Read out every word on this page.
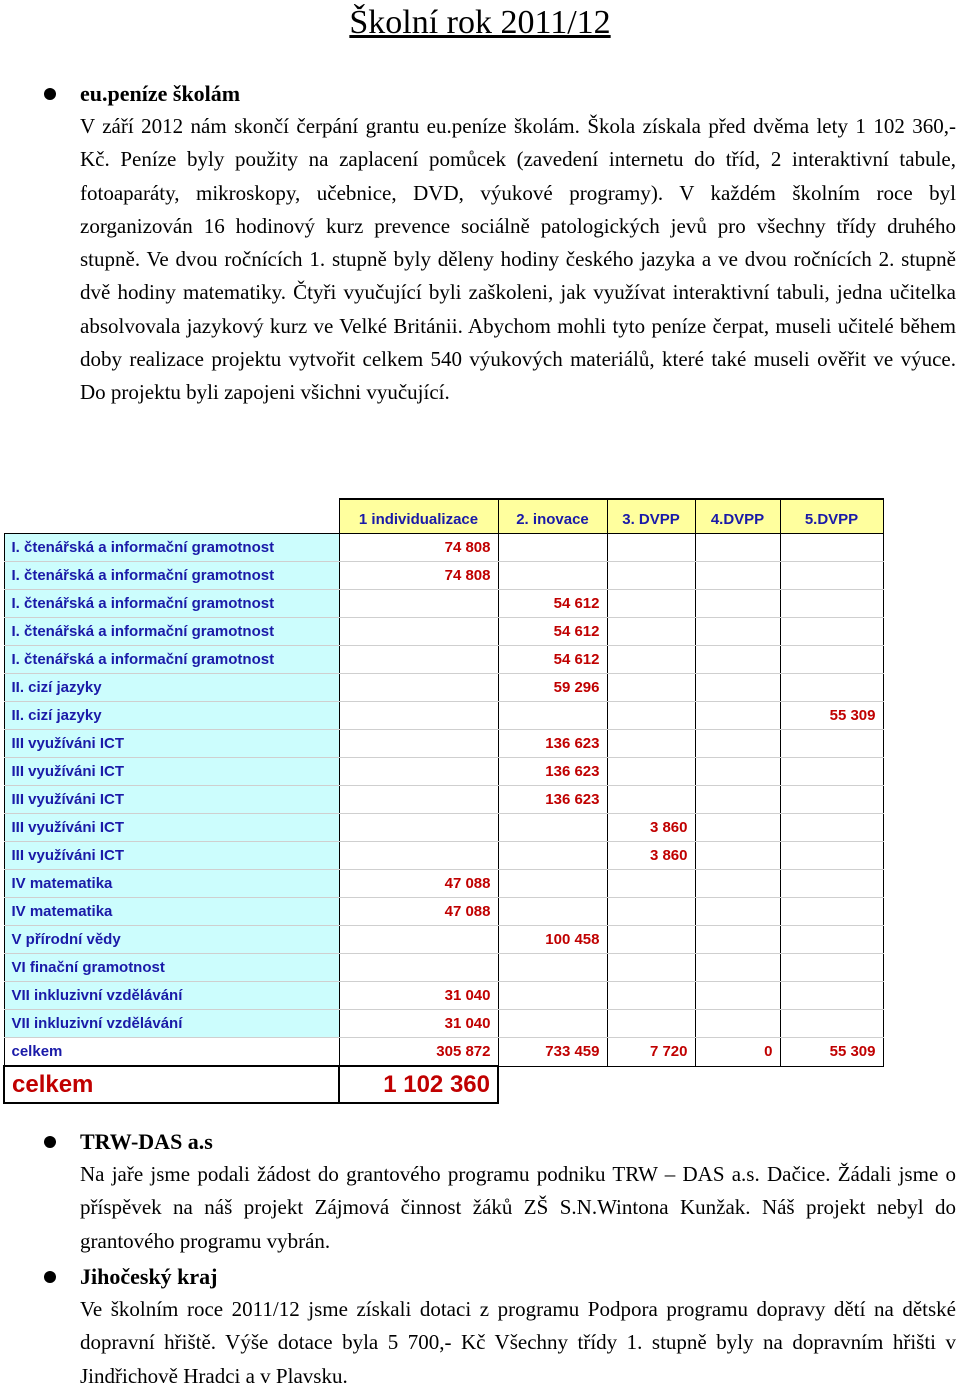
Školní rok 2011/12
eu.peníze školám
V září 2012 nám skončí čerpání grantu eu.peníze školám. Škola získala před dvěma lety 1 102 360,- Kč. Peníze byly použity na zaplacení pomůcek (zavedení internetu do tříd, 2 interaktivní tabule, fotoaparáty, mikroskopy, učebnice, DVD, výukové programy). V každém školním roce byl zorganizován 16 hodinový kurz prevence sociálně patologických jevů pro všechny třídy druhého stupně. Ve dvou ročnících 1. stupně byly děleny hodiny českého jazyka a ve dvou ročnících 2. stupně dvě hodiny matematiky. Čtyři vyučující byli zaškoleni, jak využívat interaktivní tabuli, jedna učitelka absolvovala jazykový kurz ve Velké Británii. Abychom mohli tyto peníze čerpat, museli učitelé během doby realizace projektu vytvořit celkem 540 výukových materiálů, které také museli ověřit ve výuce. Do projektu byli zapojeni všichni vyučující.
	1 individualizace	2. inovace	3. DVPP	4.DVPP	5.DVPP
I. čtenářská a informační gramotnost	74 808				
I. čtenářská a informační gramotnost	74 808				
I. čtenářská a informační gramotnost		54 612			
I. čtenářská a informační gramotnost		54 612			
I. čtenářská a informační gramotnost		54 612			
II. cizí jazyky		59 296			
II. cizí jazyky					55 309
III využíváni ICT		136 623			
III využíváni ICT		136 623			
III využíváni ICT		136 623			
III využíváni ICT			3 860		
III využíváni ICT			3 860		
IV matematika	47 088				
IV matematika	47 088				
V přírodní vědy		100 458			
VI finační gramotnost					
VII inkluzivní vzdělávání	31 040				
VII inkluzivní vzdělávání	31 040				
celkem	305 872	733 459	7 720	0	55 309
celkem	1 102 360				
TRW-DAS a.s
Na jaře jsme podali žádost do grantového programu podniku TRW – DAS a.s. Dačice. Žádali jsme o příspěvek na náš projekt Zájmová činnost žáků ZŠ S.N.Wintona Kunžak. Náš projekt nebyl do grantového programu vybrán.
Jihočeský kraj
Ve školním roce 2011/12 jsme získali dotaci z programu Podpora programu dopravy dětí na dětské dopravní hřiště. Výše dotace byla 5 700,- Kč Všechny třídy 1. stupně byly na dopravním hřišti v Jindřichově Hradci a v Plavsku.
